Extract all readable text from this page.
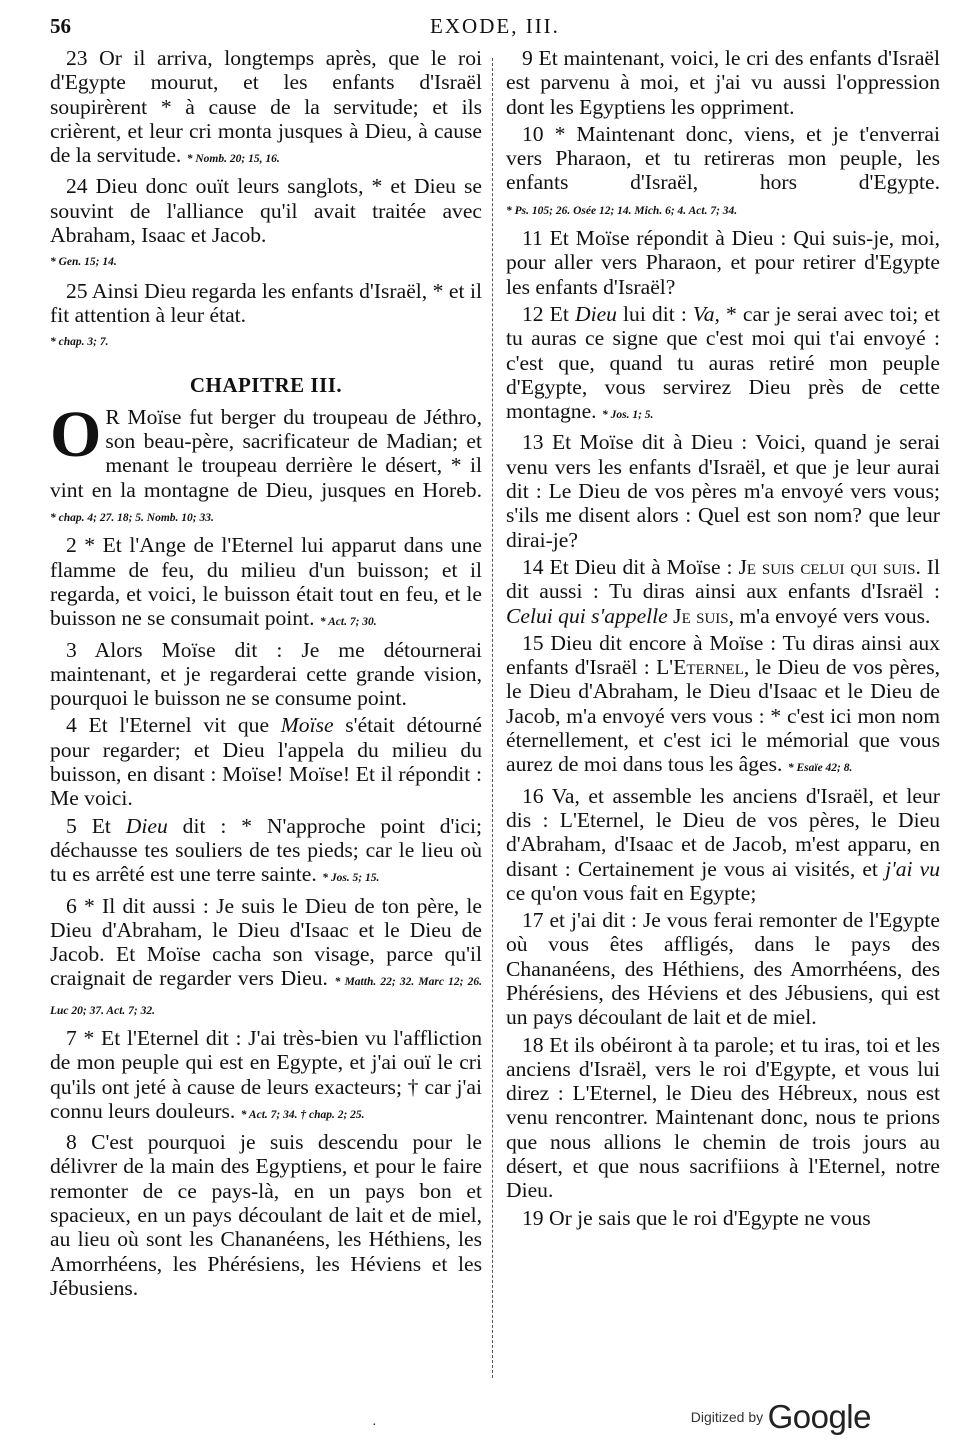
56	EXODE, III.

23 Or il arriva, longtemps après, que le roi d'Egypte mourut, et les enfants d'Israël soupirèrent * à cause de la servitude; et ils crièrent, et leur cri monta jusques à Dieu, à cause de la servitude. * Nomb. 20; 15, 16.

24 Dieu donc ouït leurs sanglots, * et Dieu se souvint de l'alliance qu'il avait traitée avec Abraham, Isaac et Jacob.

* Gen. 15; 14.

25 Ainsi Dieu regarda les enfants d'Israël, * et il fit attention à leur état.

* chap. 3; 7.
CHAPITRE III.

O R Moïse fut berger du troupeau de Jéthro, son beau-père, sacrificateur de Madian; et menant le troupeau derrière le désert, * il vint en la montagne de Dieu, jusques en Horeb. * chap. 4; 27. 18; 5. Nomb. 10; 33.

2 * Et l'Ange de l'Eternel lui apparut dans une flamme de feu, du milieu d'un buisson; et il regarda, et voici, le buisson était tout en feu, et le buisson ne se consumait point. * Act. 7; 30.

3 Alors Moïse dit : Je me détournerai maintenant, et je regarderai cette grande vision, pourquoi le buisson ne se consume point.

4 Et l'Eternel vit que Moïse s'était détourné pour regarder; et Dieu l'appela du milieu du buisson, en disant : Moïse! Moïse! Et il répondit : Me voici.

5 Et Dieu dit : * N'approche point d'ici; déchausse tes souliers de tes pieds; car le lieu où tu es arrêté est une terre sainte. * Jos. 5; 15.

6 * Il dit aussi : Je suis le Dieu de ton père, le Dieu d'Abraham, le Dieu d'Isaac et le Dieu de Jacob. Et Moïse cacha son visage, parce qu'il craignait de regarder vers Dieu. * Matth. 22; 32. Marc 12; 26. Luc 20; 37. Act. 7; 32.

7 * Et l'Eternel dit : J'ai très-bien vu l'affliction de mon peuple qui est en Egypte, et j'ai ouï le cri qu'ils ont jeté à cause de leurs exacteurs; † car j'ai connu leurs douleurs. * Act. 7; 34. † chap. 2; 25.

8 C'est pourquoi je suis descendu pour le délivrer de la main des Egyptiens, et pour le faire remonter de ce pays-là, en un pays bon et spacieux, en un pays découlant de lait et de miel, au lieu où sont les Chananéens, les Héthiens, les Amorrhéens, les Phérésiens, les Héviens et les Jébusiens.

9 Et maintenant, voici, le cri des enfants d'Israël est parvenu à moi, et j'ai vu aussi l'oppression dont les Egyptiens les oppriment.

10 * Maintenant donc, viens, et je t'enverrai vers Pharaon, et tu retireras mon peuple, les enfants d'Israël, hors d'Egypte. * Ps. 105; 26. Osée 12; 14. Mich. 6; 4. Act. 7; 34.

11 Et Moïse répondit à Dieu : Qui suis-je, moi, pour aller vers Pharaon, et pour retirer d'Egypte les enfants d'Israël?

12 Et Dieu lui dit : Va, * car je serai avec toi; et tu auras ce signe que c'est moi qui t'ai envoyé : c'est que, quand tu auras retiré mon peuple d'Egypte, vous servirez Dieu près de cette montagne. * Jos. 1; 5.

13 Et Moïse dit à Dieu : Voici, quand je serai venu vers les enfants d'Israël, et que je leur aurai dit : Le Dieu de vos pères m'a envoyé vers vous; s'ils me disent alors : Quel est son nom? que leur dirai-je?

14 Et Dieu dit à Moïse : Je suis celui qui suis. Il dit aussi : Tu diras ainsi aux enfants d'Israël : Celui qui s'appelle Je suis, m'a envoyé vers vous.

15 Dieu dit encore à Moïse : Tu diras ainsi aux enfants d'Israël : L'Eternel, le Dieu de vos pères, le Dieu d'Abraham, le Dieu d'Isaac et le Dieu de Jacob, m'a envoyé vers vous : * c'est ici mon nom éternellement, et c'est ici le mémorial que vous aurez de moi dans tous les âges. * Esaïe 42; 8.

16 Va, et assemble les anciens d'Israël, et leur dis : L'Eternel, le Dieu de vos pères, le Dieu d'Abraham, d'Isaac et de Jacob, m'est apparu, en disant : Certainement je vous ai visités, et j'ai vu ce qu'on vous fait en Egypte;

17 et j'ai dit : Je vous ferai remonter de l'Egypte où vous êtes affligés, dans le pays des Chananéens, des Héthiens, des Amorrhéens, des Phérésiens, des Héviens et des Jébusiens, qui est un pays découlant de lait et de miel.

18 Et ils obéiront à ta parole; et tu iras, toi et les anciens d'Israël, vers le roi d'Egypte, et vous lui direz : L'Eternel, le Dieu des Hébreux, nous est venu rencontrer. Maintenant donc, nous te prions que nous allions le chemin de trois jours au désert, et que nous sacrifiions à l'Eternel, notre Dieu.

19 Or je sais que le roi d'Egypte ne vous

·
Digitized by Google
